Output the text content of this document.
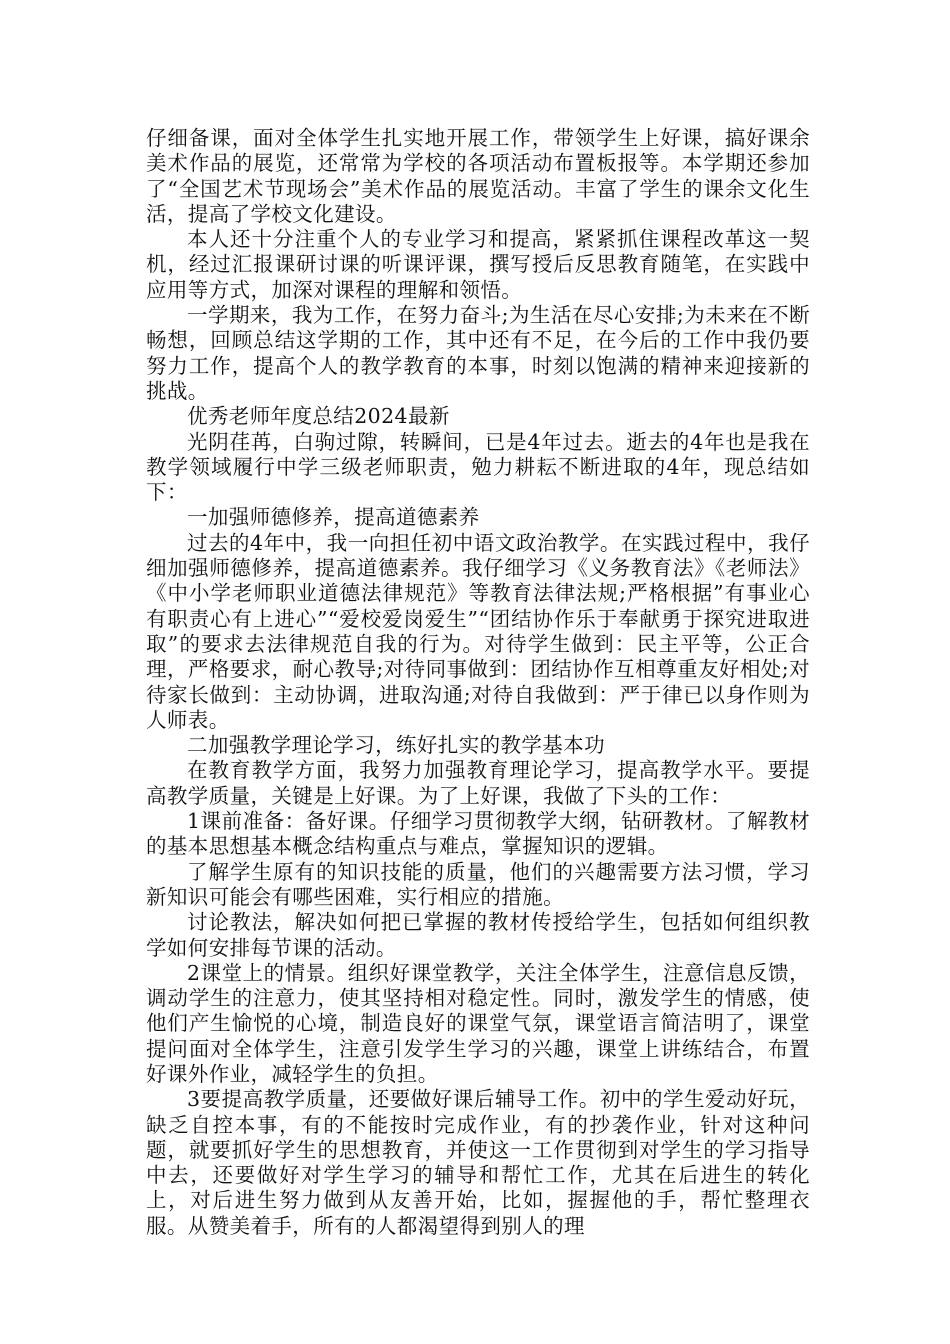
仔细备课，面对全体学生扎实地开展工作，带领学生上好课，搞好课余美术作品的展览，还常常为学校的各项活动布置板报等。本学期还参加了“全国艺术节现场会”美术作品的展览活动。丰富了学生的课余文化生活，提高了学校文化建设。

本人还十分注重个人的专业学习和提高，紧紧抓住课程改革这一契机，经过汇报课研讨课的听课评课，撰写授后反思教育随笔，在实践中应用等方式，加深对课程的理解和领悟。

一学期来，我为工作，在努力奋斗;为生活在尽心安排;为未来在不断畅想，回顾总结这学期的工作，其中还有不足，在今后的工作中我仍要努力工作，提高个人的教学教育的本事，时刻以饱满的精神来迎接新的挑战。

优秀老师年度总结2024最新

光阴荏苒，白驹过隙，转瞬间，已是4年过去。逝去的4年也是我在教学领域履行中学三级老师职责，勉力耕耘不断进取的4年，现总结如下：

一加强师德修养，提高道德素养

过去的4年中，我一向担任初中语文政治教学。在实践过程中，我仔细加强师德修养，提高道德素养。我仔细学习《义务教育法》《老师法》《中小学老师职业道德法律规范》等教育法律法规;严格根据”有事业心有职责心有上进心”“爱校爱岗爱生”“团结协作乐于奉献勇于探究进取进取”的要求去法律规范自我的行为。对待学生做到：民主平等，公正合理，严格要求，耐心教导;对待同事做到：团结协作互相尊重友好相处;对待家长做到：主动协调，进取沟通;对待自我做到：严于律已以身作则为人师表。

二加强教学理论学习，练好扎实的教学基本功

在教育教学方面，我努力加强教育理论学习，提高教学水平。要提高教学质量，关键是上好课。为了上好课，我做了下头的工作：

1课前准备：备好课。仔细学习贯彻教学大纲，钻研教材。了解教材的基本思想基本概念结构重点与难点，掌握知识的逻辑。

了解学生原有的知识技能的质量，他们的兴趣需要方法习惯，学习新知识可能会有哪些困难，实行相应的措施。

讨论教法，解决如何把已掌握的教材传授给学生，包括如何组织教学如何安排每节课的活动。

2课堂上的情景。组织好课堂教学，关注全体学生，注意信息反馈，调动学生的注意力，使其坚持相对稳定性。同时，激发学生的情感，使他们产生愉悦的心境，制造良好的课堂气氛，课堂语言简洁明了，课堂提问面对全体学生，注意引发学生学习的兴趣，课堂上讲练结合，布置好课外作业，减轻学生的负担。

3要提高教学质量，还要做好课后辅导工作。初中的学生爱动好玩，缺乏自控本事，有的不能按时完成作业，有的抄袭作业，针对这种问题，就要抓好学生的思想教育，并使这一工作贯彻到对学生的学习指导中去，还要做好对学生学习的辅导和帮忙工作，尤其在后进生的转化上，对后进生努力做到从友善开始，比如，握握他的手，帮忙整理衣服。从赞美着手，所有的人都渴望得到别人的理
